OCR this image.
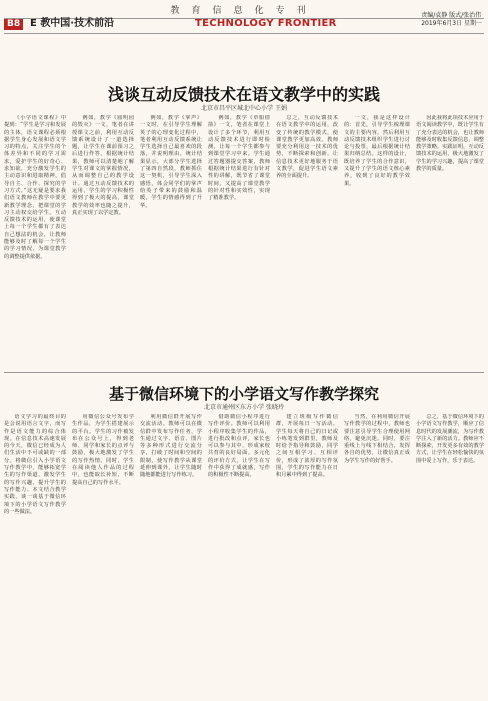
教育信息化专刊
B8 E 教中国·技术前沿	TECHNOLOGY FRONTIER
责编/袁静 版式/张治伟
2019年6月3日 星期一
浅谈互动反馈技术在语文教学中的实践
北京市昌平区城北中心小学 王娟

《小学语文课程》中提到：“学生是学习和发展的主体，语文课程必须根据学生身心发展和语文学习的特点，关注学生的个体差异和不同的学习需求，爱护学生的好奇心、求知欲，充分激发学生的主动意识和进取精神，倡导自主、合作、探究的学习方式。”这无疑是要求我们语文教师在教学中要更新教学理念，把课堂的学习主动权交给学生。互动反馈技术的运用，使课堂上每一个学生都有了表达自己想法的机会，让教师能够及时了解每一个学生的学习情况，为课堂教学的调整提供依据。

例如，教学《圆明园的毁灭》一文，笔者在讲授课文之前，利用互动反馈系统设计了一道选择题，让学生在课前预习之后进行作答，根据统计结果，教师可以清楚地了解学生对课文的掌握情况，从而调整自己的教学设计。通过互动反馈技术的运用，学生的学习积极性得到了极大的提高，课堂教学的效率也随之提升，真正实现了以学定教。

例如，教学《掌声》一文时，在引导学生理解英子的心理变化过程中，笔者利用互动反馈系统让学生选择自己最喜欢的段落，并说明理由。统计结果显示，大部分学生选择了第四自然段，教师抓住这一契机，引导学生深入感悟，体会同学们的掌声给英子带来的鼓励和温暖，学生的情感得到了升华。

例如，教学《草船借箭》一文，笔者在课堂上设计了多个环节，利用互动反馈技术进行即时检测，让每一个学生都参与到课堂学习中来。学生通过答题器提交答案，教师根据统计结果进行有针对性的讲解，既节省了课堂时间，又提高了课堂教学的针对性和实效性，实现了精准教学。

总之，互动反馈技术在语文教学中的运用，改变了传统的教学模式，使课堂教学更加高效。教师要充分利用这一技术的优势，不断探索和创新，让信息技术更好地服务于语文教学，促进学生语文素养的全面提升。

一文，我是这样设计的：首先，引导学生梳理课文的主要内容，然后利用互动反馈技术组织学生进行讨论与投票，最后根据统计结果归纳总结。这样的设计，既培养了学生的合作意识，又提升了学生的语文核心素养，收到了良好的教学效果。

因此我将此项技术应用于语文阅读教学中，既让学生有了充分表达的机会，也让教师能够及时收集反馈信息，调整教学策略。实践证明，互动反馈技术的运用，极大地激发了学生的学习兴趣，提高了课堂教学的质量。

基于微信环境下的小学语文写作教学探究
北京市通州区东方小学 张晓玲

语文学习的最终目的是会说用语言文字，而写作是语文能力的综合体现。在信息技术高速发展的今天，微信已经成为人们生活中不可或缺的一部分。将微信引入小学语文写作教学中，能够拓宽学生的写作渠道，激发学生的写作兴趣，提升学生的写作能力。本文结合教学实践，谈一谈基于微信环境下的小学语文写作教学的一些做法。

用微信公众号发布学生作品，为学生搭建展示的平台。学生的习作被发布在公众号上，得到老师、同学和家长的点评与鼓励，极大地激发了学生的写作热情。同时，学生在阅读他人作品的过程中，也能取长补短，不断提高自己的写作水平。

利用微信群开展写作交流活动。教师可以在微信群中发布写作任务，学生通过文字、语音、图片等多种形式进行交流分享，打破了时间和空间的限制，使写作教学从课堂延伸到课外，让学生随时随地都能进行写作练习。

借助微信小程序进行写作评价。教师可以利用小程序收集学生的作品，进行批改和点评，家长也可以参与其中，形成家校共育的良好局面。多元化的评价方式，让学生在写作中获得了成就感，写作的积极性不断提高。

建立班级写作微信群，开展每日一写活动。学生每天将自己的日记或小练笔发到群里，教师及时给予指导和鼓励，同学之间互相学习、互相评价，形成了浓厚的写作氛围，学生的写作能力在日积月累中得到了提高。

当然，在利用微信开展写作教学的过程中，教师也要注意引导学生合理使用网络，避免沉迷。同时，要注重线上与线下相结合，发挥各自的优势，让微信真正成为学生写作的好帮手。

总之，基于微信环境下的小学语文写作教学，顺应了信息时代的发展潮流，为写作教学注入了新的活力。教师应不断探索，开发更多有效的教学方式，让学生在轻松愉快的氛围中爱上写作，乐于表达。
